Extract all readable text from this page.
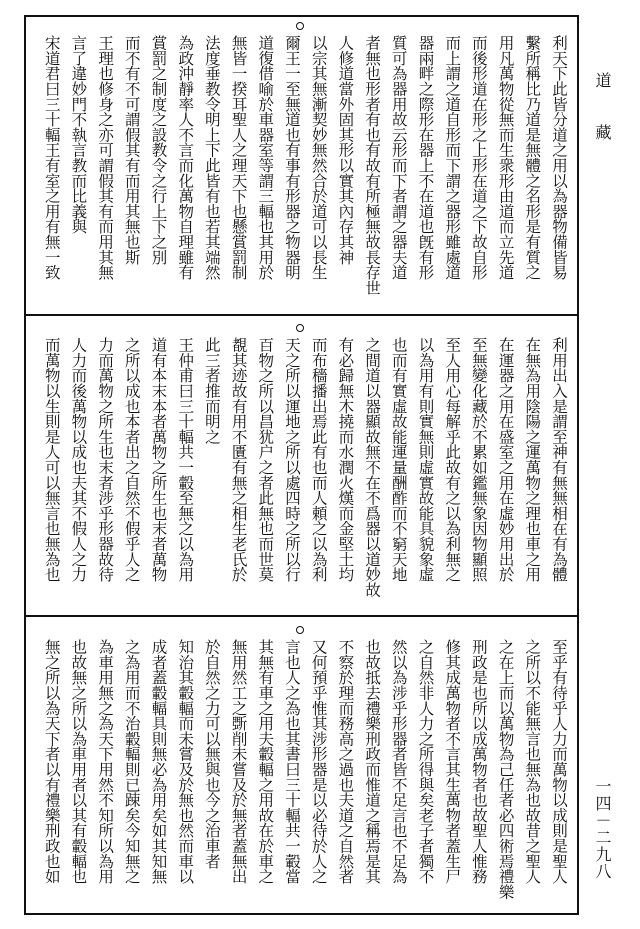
道　藏
一四－二九八
利天下此皆分道之用以為器物備皆易
繫所稱比乃道是無體之名形是有質之
用凡萬物從無而生衆形由道而立先道
而後形道在形之上形在道之下故自形
而上謂之道自形而下謂之器形雖處道
器兩畔之際形在器上不在道也旣有形
質可為器用故云形而下者謂之器夫道
者無也形者有也有故有所極無故長存世
人修道當外固其形以實其內存其神
以宗其無漸契妙無然合於道可以長生
爾王一至無道也有事有形器之物器明
道復借喻於車器室等謂三輻也其用於
無皆一揆耳聖人之理天下也懸賞罰制
法度垂教令明上下此皆有也若其端然
為政沖靜率人不言而化萬物自理雖有
賞罰之制度之設教令之行上下之別
而不有不可謂假其有而用其無也斯
王理也修身之亦可謂假其有而用其無
言了違妙門不執言教而比義與
宋道君曰三十輻王有室之用有無一致
利用出入是謂至神有無無相在有為體
在無為用陰陽之運萬物之理也車之用
在運器之用在盛室之用在虛妙用出於
至無變化藏於不累如鑑無象因物顯照
至人用心每解乎此故有之以為利無之
以為用有則實無則虛實故能具貌象虛
也而有實虛故能運量酬酢而不窮天地
之間道以器顯故無不在不爲器以道妙故
有必歸無木撓而水潤火熯而金堅土均
而布穡播出焉此有也而人頼之以為利
天之所以運地之所以處四時之所以行
百物之所以昌犹户之者此無也而世莫
覩其迹故有用不匱有無之相生老氏於
此三者推而明之
王仲甫曰三十輻共一轂至無之以為用
道有本末本者萬物之所生也末者萬物
之所以成也本者出之自然不假乎人之
力而萬物之所生也末者涉乎形器故待
人力而後萬物以成也夫其不假人之力
而萬物以生則是人可以無言也無為也
至乎有待乎人力而萬物以成則是聖人
之所以不能無言也無為也故昔之聖人
之在上而以萬物為己任者必四術焉禮樂
刑政是也所以成萬物者也故聖人惟務
修其成萬物者不言其生萬物者蓋生尸
之自然非人力之所得與矣老子者獨不
然以為涉乎形器者皆不足言也不足為
也故抵去禮樂刑政而惟道之稱焉是其
不察於理而務高之過也夫道之自然者
又何預乎惟其涉形器是以必待於人之
言也人之為也其書曰三十輻共一轂當
其無有車之用夫轂輻之用故在於車之
無用然工之斲削未嘗及於無者蓋無出
於自然之力可以無與也今之治車者
知治其轂輻而未嘗及於無也然而車以
成者蓋轂輻具則無必為用矣如其知無
之為用而不治轂輻則已踈矣今知無之
為車用無之為天下用然不知所以為用
也故無之所以為車用者以其有轂輻也
無之所以為天下者以有禮樂刑政也如
